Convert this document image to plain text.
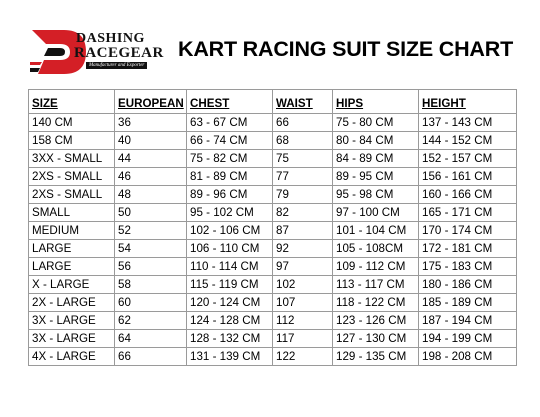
DASHING
RACEGEAR
Manufacturer and Exporter
KART RACING SUIT SIZE CHART
SIZE	EUROPEAN	CHEST	WAIST	HIPS	HEIGHT
140 CM	36	63 - 67 CM	66	75 - 80 CM	137 - 143 CM
158 CM	40	66 - 74 CM	68	80 - 84 CM	144 - 152 CM
3XX - SMALL	44	75 - 82 CM	75	84 - 89 CM	152 - 157 CM
2XS - SMALL	46	81 - 89 CM	77	89 - 95 CM	156 - 161 CM
2XS - SMALL	48	89 - 96 CM	79	95 - 98 CM	160 - 166 CM
SMALL	50	95 - 102 CM	82	97 - 100 CM	165 - 171 CM
MEDIUM	52	102 - 106 CM	87	101 - 104 CM	170 - 174 CM
LARGE	54	106 - 110 CM	92	105 - 108CM	172 - 181 CM
LARGE	56	110 - 114 CM	97	109 - 112 CM	175 - 183 CM
X - LARGE	58	115 - 119 CM	102	113 - 117 CM	180 - 186 CM
2X - LARGE	60	120 - 124 CM	107	118 - 122 CM	185 - 189 CM
3X - LARGE	62	124 - 128 CM	112	123 - 126 CM	187 - 194 CM
3X - LARGE	64	128 - 132 CM	117	127 - 130 CM	194 - 199 CM
4X - LARGE	66	131 - 139 CM	122	129 - 135 CM	198 - 208 CM
